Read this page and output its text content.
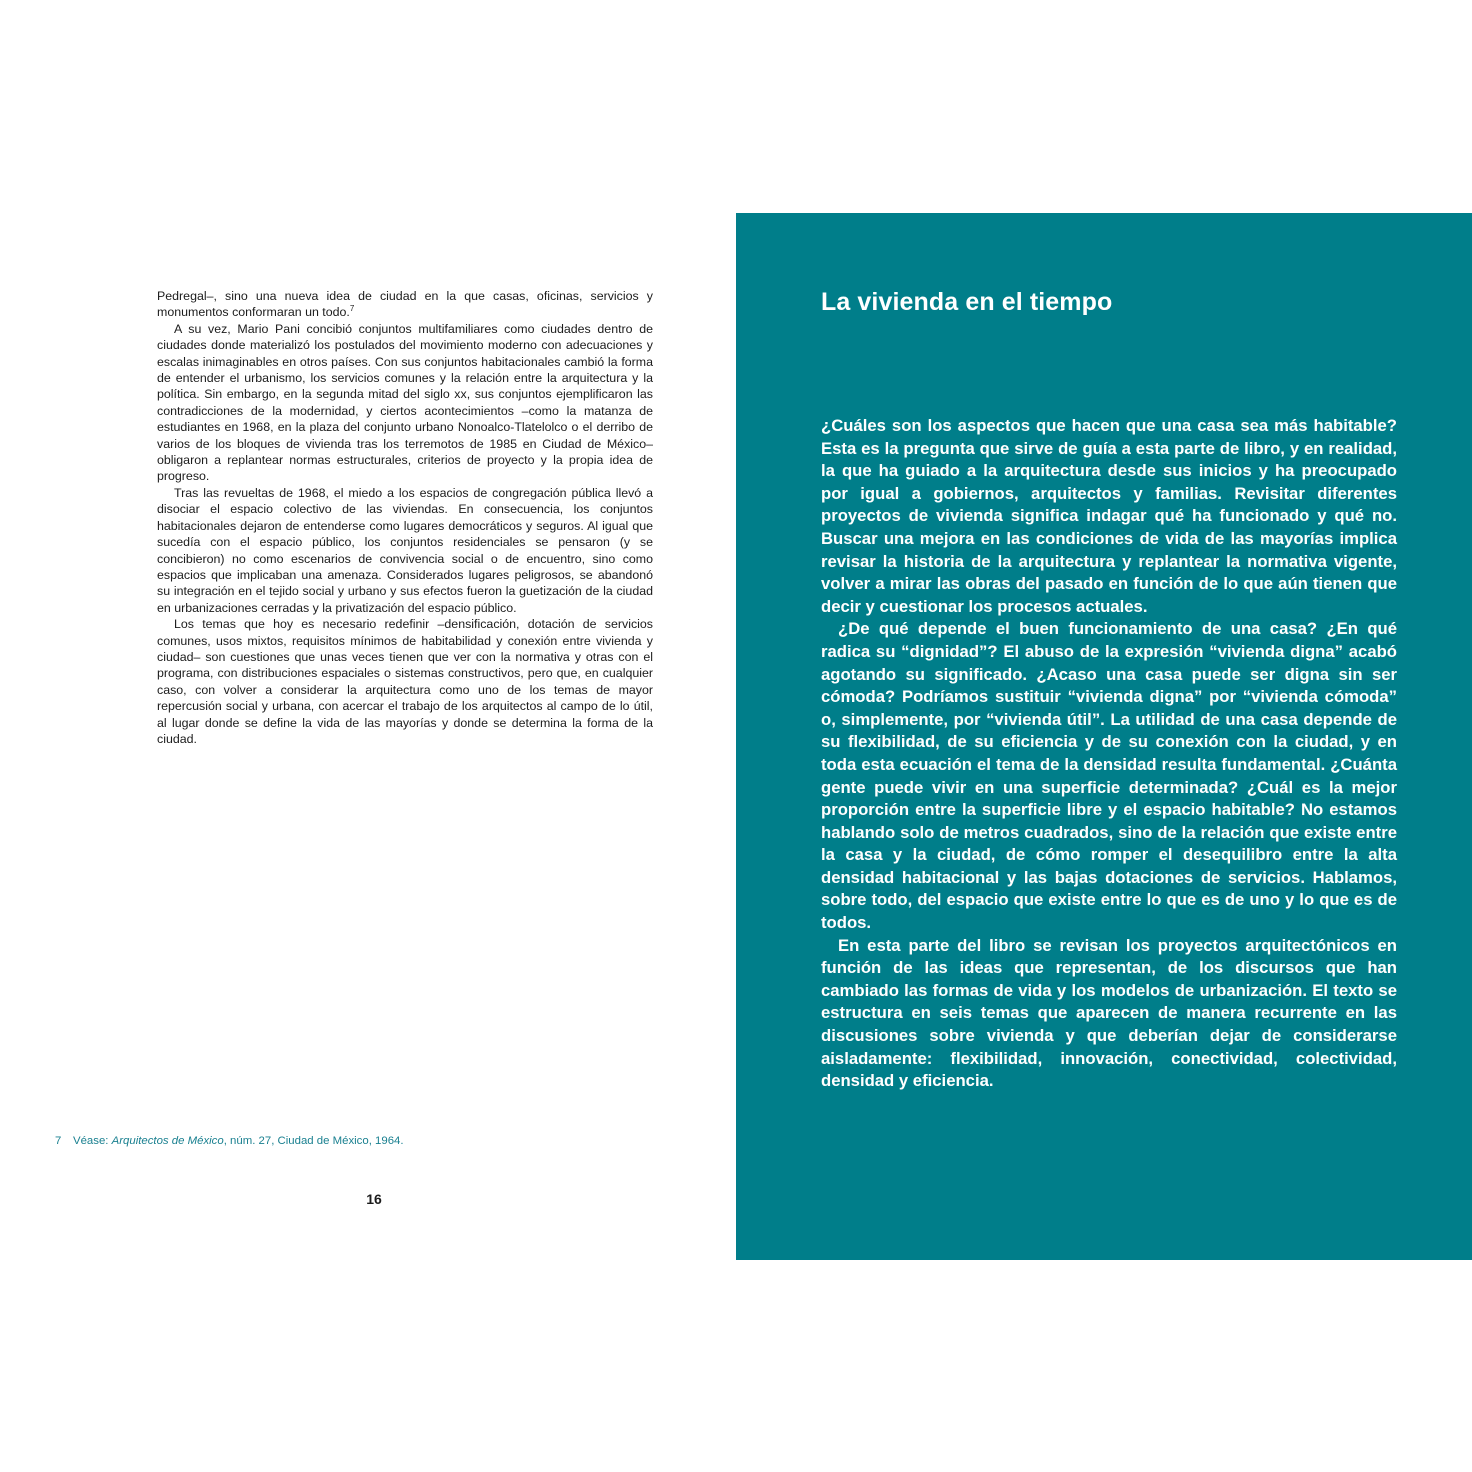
Pedregal–, sino una nueva idea de ciudad en la que casas, oficinas, servicios y monumentos conformaran un todo.$^7$

A su vez, Mario Pani concibió conjuntos multifamiliares como ciudades dentro de ciudades donde materializó los postulados del movimiento moderno con adecuaciones y escalas inimaginables en otros países. Con sus conjuntos habitacionales cambió la forma de entender el urbanismo, los servicios comunes y la relación entre la arquitectura y la política. Sin embargo, en la segunda mitad del siglo xx, sus conjuntos ejemplificaron las contradicciones de la modernidad, y ciertos acontecimientos –como la matanza de estudiantes en 1968, en la plaza del conjunto urbano Nonoalco-Tlatelolco o el derribo de varios de los bloques de vivienda tras los terremotos de 1985 en Ciudad de México– obligaron a replantear normas estructurales, criterios de proyecto y la propia idea de progreso.

Tras las revueltas de 1968, el miedo a los espacios de congregación pública llevó a disociar el espacio colectivo de las viviendas. En consecuencia, los conjuntos habitacionales dejaron de entenderse como lugares democráticos y seguros. Al igual que sucedía con el espacio público, los conjuntos residenciales se pensaron (y se concibieron) no como escenarios de convivencia social o de encuentro, sino como espacios que implicaban una amenaza. Considerados lugares peligrosos, se abandonó su integración en el tejido social y urbano y sus efectos fueron la guetización de la ciudad en urbanizaciones cerradas y la privatización del espacio público.

Los temas que hoy es necesario redefinir –densificación, dotación de servicios comunes, usos mixtos, requisitos mínimos de habitabilidad y conexión entre vivienda y ciudad– son cuestiones que unas veces tienen que ver con la normativa y otras con el programa, con distribuciones espaciales o sistemas constructivos, pero que, en cualquier caso, con volver a considerar la arquitectura como uno de los temas de mayor repercusión social y urbana, con acercar el trabajo de los arquitectos al campo de lo útil, al lugar donde se define la vida de las mayorías y donde se determina la forma de la ciudad.

7 Véase: Arquitectos de México, núm. 27, Ciudad de México, 1964.
16
La vivienda en el tiempo

¿Cuáles son los aspectos que hacen que una casa sea más habitable? Esta es la pregunta que sirve de guía a esta parte de libro, y en realidad, la que ha guiado a la arquitectura desde sus inicios y ha preocupado por igual a gobiernos, arquitectos y familias. Revisitar diferentes proyectos de vivienda significa indagar qué ha funcionado y qué no. Buscar una mejora en las condiciones de vida de las mayorías implica revisar la historia de la arquitectura y replantear la normativa vigente, volver a mirar las obras del pasado en función de lo que aún tienen que decir y cuestionar los procesos actuales.

¿De qué depende el buen funcionamiento de una casa? ¿En qué radica su “dignidad”? El abuso de la expresión “vivienda digna” acabó agotando su significado. ¿Acaso una casa puede ser digna sin ser cómoda? Podríamos sustituir “vivienda digna” por “vivienda cómoda” o, simplemente, por “vivienda útil”. La utilidad de una casa depende de su flexibilidad, de su eficiencia y de su conexión con la ciudad, y en toda esta ecuación el tema de la densidad resulta fundamental. ¿Cuánta gente puede vivir en una superficie determinada? ¿Cuál es la mejor proporción entre la superficie libre y el espacio habitable? No estamos hablando solo de metros cuadrados, sino de la relación que existe entre la casa y la ciudad, de cómo romper el desequilibro entre la alta densidad habitacional y las bajas dotaciones de servicios. Hablamos, sobre todo, del espacio que existe entre lo que es de uno y lo que es de todos.

En esta parte del libro se revisan los proyectos arquitectónicos en función de las ideas que representan, de los discursos que han cambiado las formas de vida y los modelos de urbanización. El texto se estructura en seis temas que aparecen de manera recurrente en las discusiones sobre vivienda y que deberían dejar de considerarse aisladamente: flexibilidad, innovación, conectividad, colectividad, densidad y eficiencia.
